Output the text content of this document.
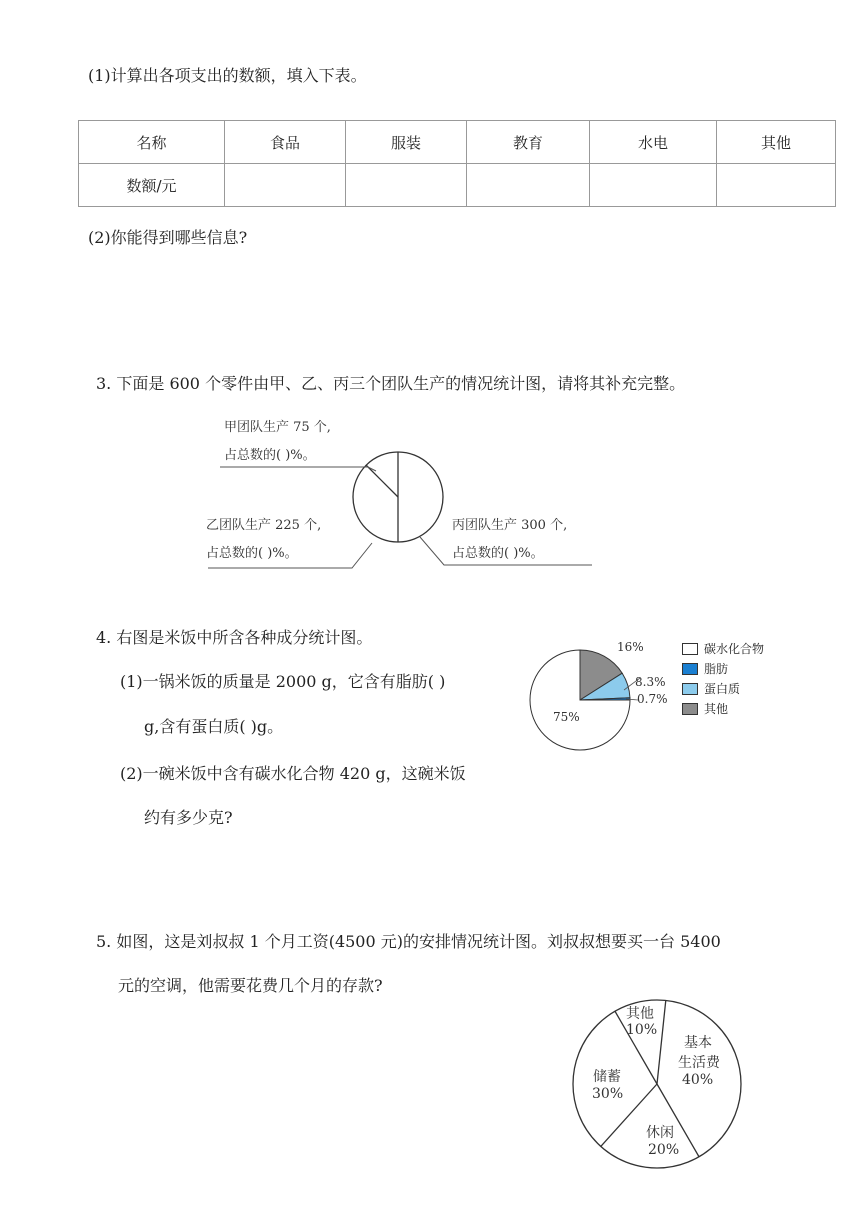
(1)计算出各项支出的数额，填入下表。
名称	食品	服装	教育	水电	其他
数额/元					
(2)你能得到哪些信息?
3. 下面是 600 个零件由甲、乙、丙三个团队生产的情况统计图，请将其补充完整。
甲团队生产 75 个,
占总数的( )%。
乙团队生产 225 个,
占总数的( )%。
丙团队生产 300 个,
占总数的( )%。
4. 右图是米饭中所含各种成分统计图。
(1)一锅米饭的质量是 2000 g，它含有脂肪( )
g,含有蛋白质( )g。
(2)一碗米饭中含有碳水化合物 420 g，这碗米饭
约有多少克?
16%
8.3%
0.7%
75%
碳水化合物
脂肪
蛋白质
其他
5. 如图，这是刘叔叔 1 个月工资(4500 元)的安排情况统计图。刘叔叔想要买一台 5400
元的空调，他需要花费几个月的存款?
其他
10%
基本
生活费
40%
储蓄
30%
休闲
20%
